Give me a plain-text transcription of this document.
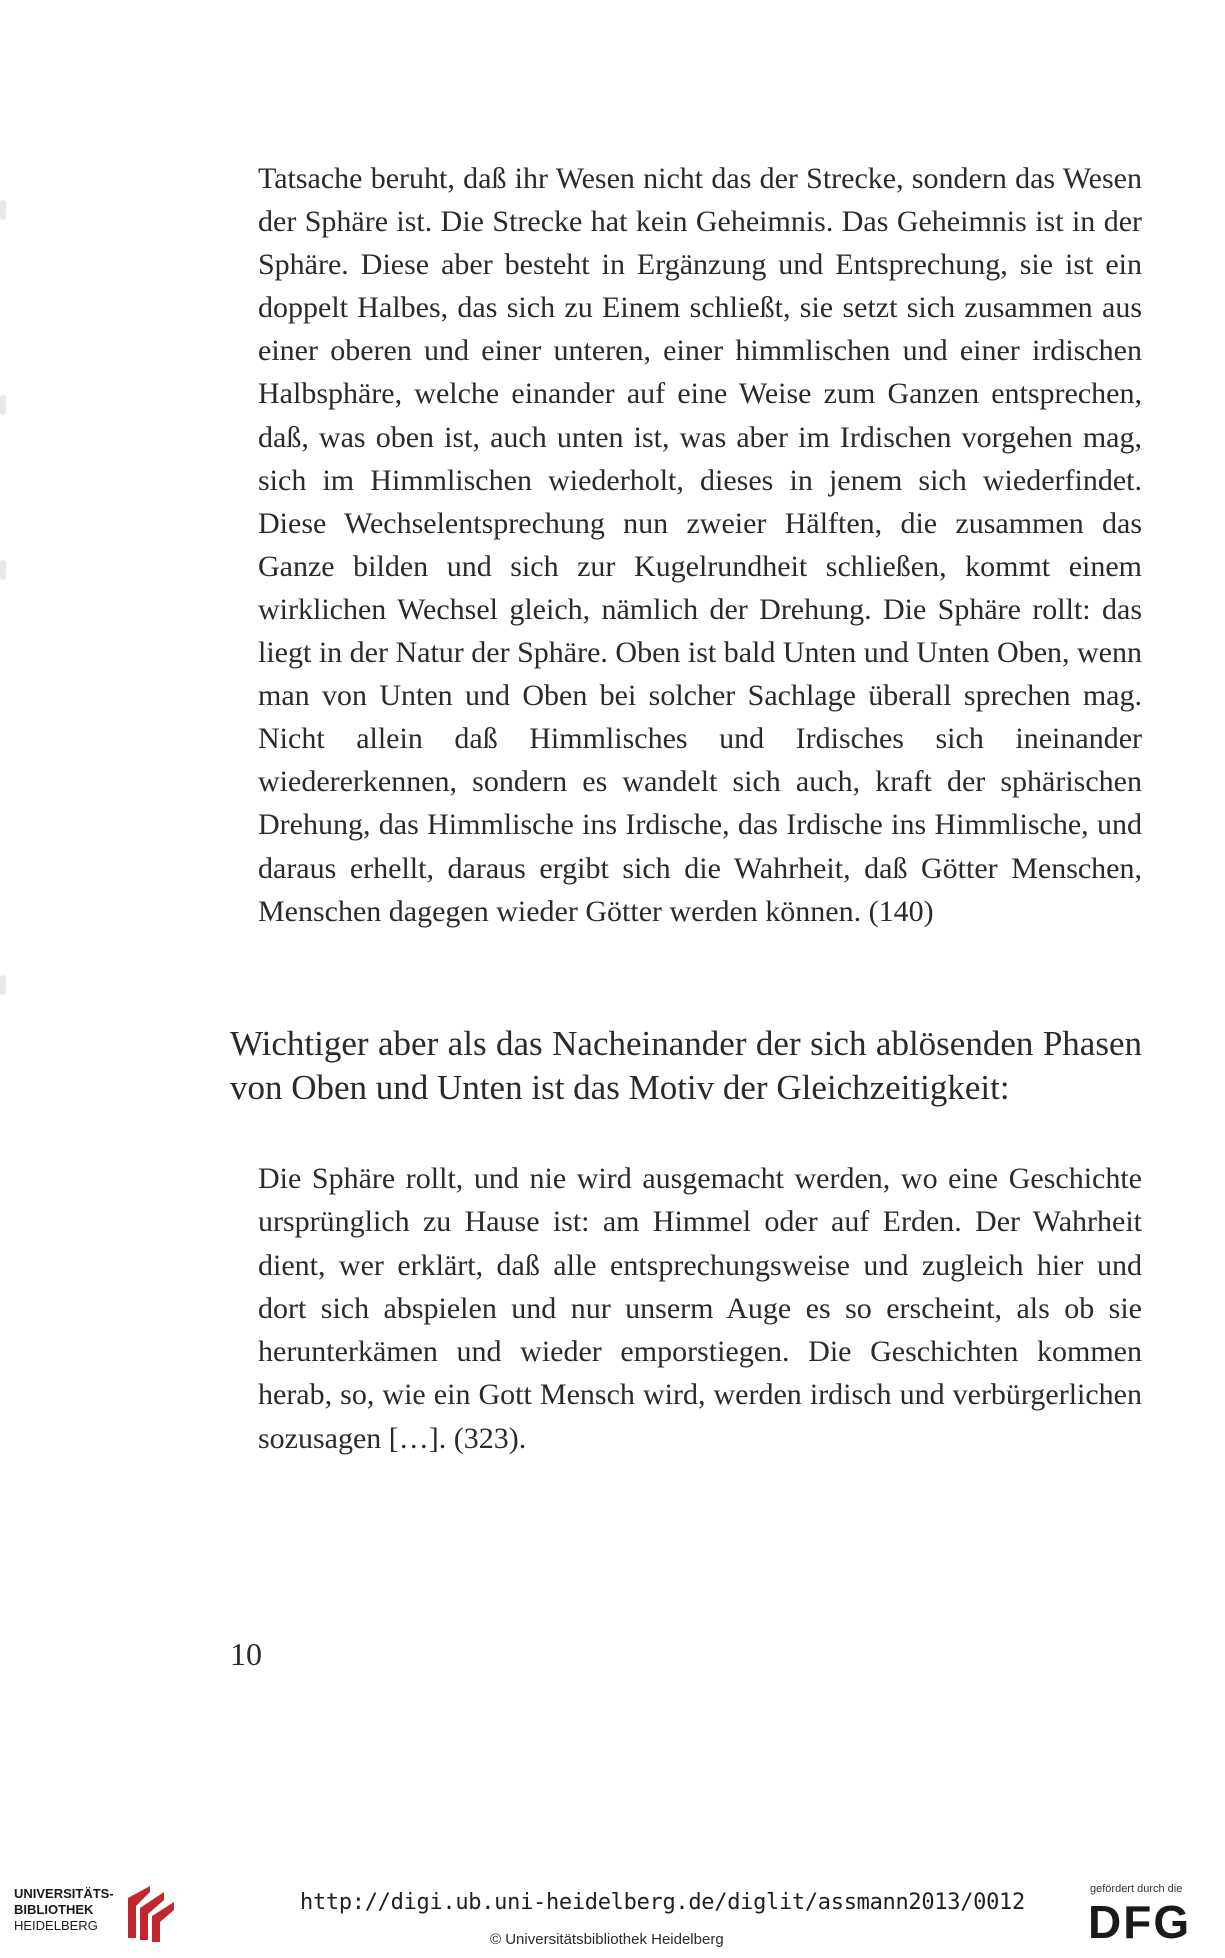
Tatsache beruht, daß ihr Wesen nicht das der Strecke, sondern das Wesen der Sphäre ist. Die Strecke hat kein Geheimnis. Das Geheimnis ist in der Sphäre. Diese aber besteht in Ergänzung und Entsprechung, sie ist ein doppelt Halbes, das sich zu Einem schließt, sie setzt sich zusammen aus einer oberen und einer unteren, einer himmlischen und einer irdischen Halbsphäre, welche einander auf eine Weise zum Ganzen entsprechen, daß, was oben ist, auch unten ist, was aber im Irdischen vorgehen mag, sich im Himmlischen wiederholt, dieses in jenem sich wiederfindet. Diese Wechselentsprechung nun zweier Hälften, die zusammen das Ganze bilden und sich zur Kugelrundheit schließen, kommt einem wirklichen Wechsel gleich, nämlich der Drehung. Die Sphäre rollt: das liegt in der Natur der Sphäre. Oben ist bald Unten und Unten Oben, wenn man von Unten und Oben bei solcher Sachlage überall sprechen mag. Nicht allein daß Himmlisches und Irdisches sich ineinander wiedererkennen, sondern es wandelt sich auch, kraft der sphärischen Drehung, das Himmlische ins Irdische, das Irdische ins Himmlische, und daraus erhellt, daraus ergibt sich die Wahrheit, daß Götter Menschen, Menschen dagegen wieder Götter werden können. (140)
Wichtiger aber als das Nacheinander der sich ablösenden Phasen von Oben und Unten ist das Motiv der Gleichzeitigkeit:
Die Sphäre rollt, und nie wird ausgemacht werden, wo eine Geschichte ursprünglich zu Hause ist: am Himmel oder auf Erden. Der Wahrheit dient, wer erklärt, daß alle entsprechungsweise und zugleich hier und dort sich abspielen und nur unserm Auge es so erscheint, als ob sie herunterkämen und wieder emporstiegen. Die Geschichten kommen herab, so, wie ein Gott Mensch wird, werden irdisch und verbürgerlichen sozusagen […]. (323).
10
UNIVERSITÄTS-
BIBLIOTHEK
HEIDELBERG
http://digi.ub.uni-heidelberg.de/diglit/assmann2013/0012
© Universitätsbibliothek Heidelberg
gefördert durch die
DFG
